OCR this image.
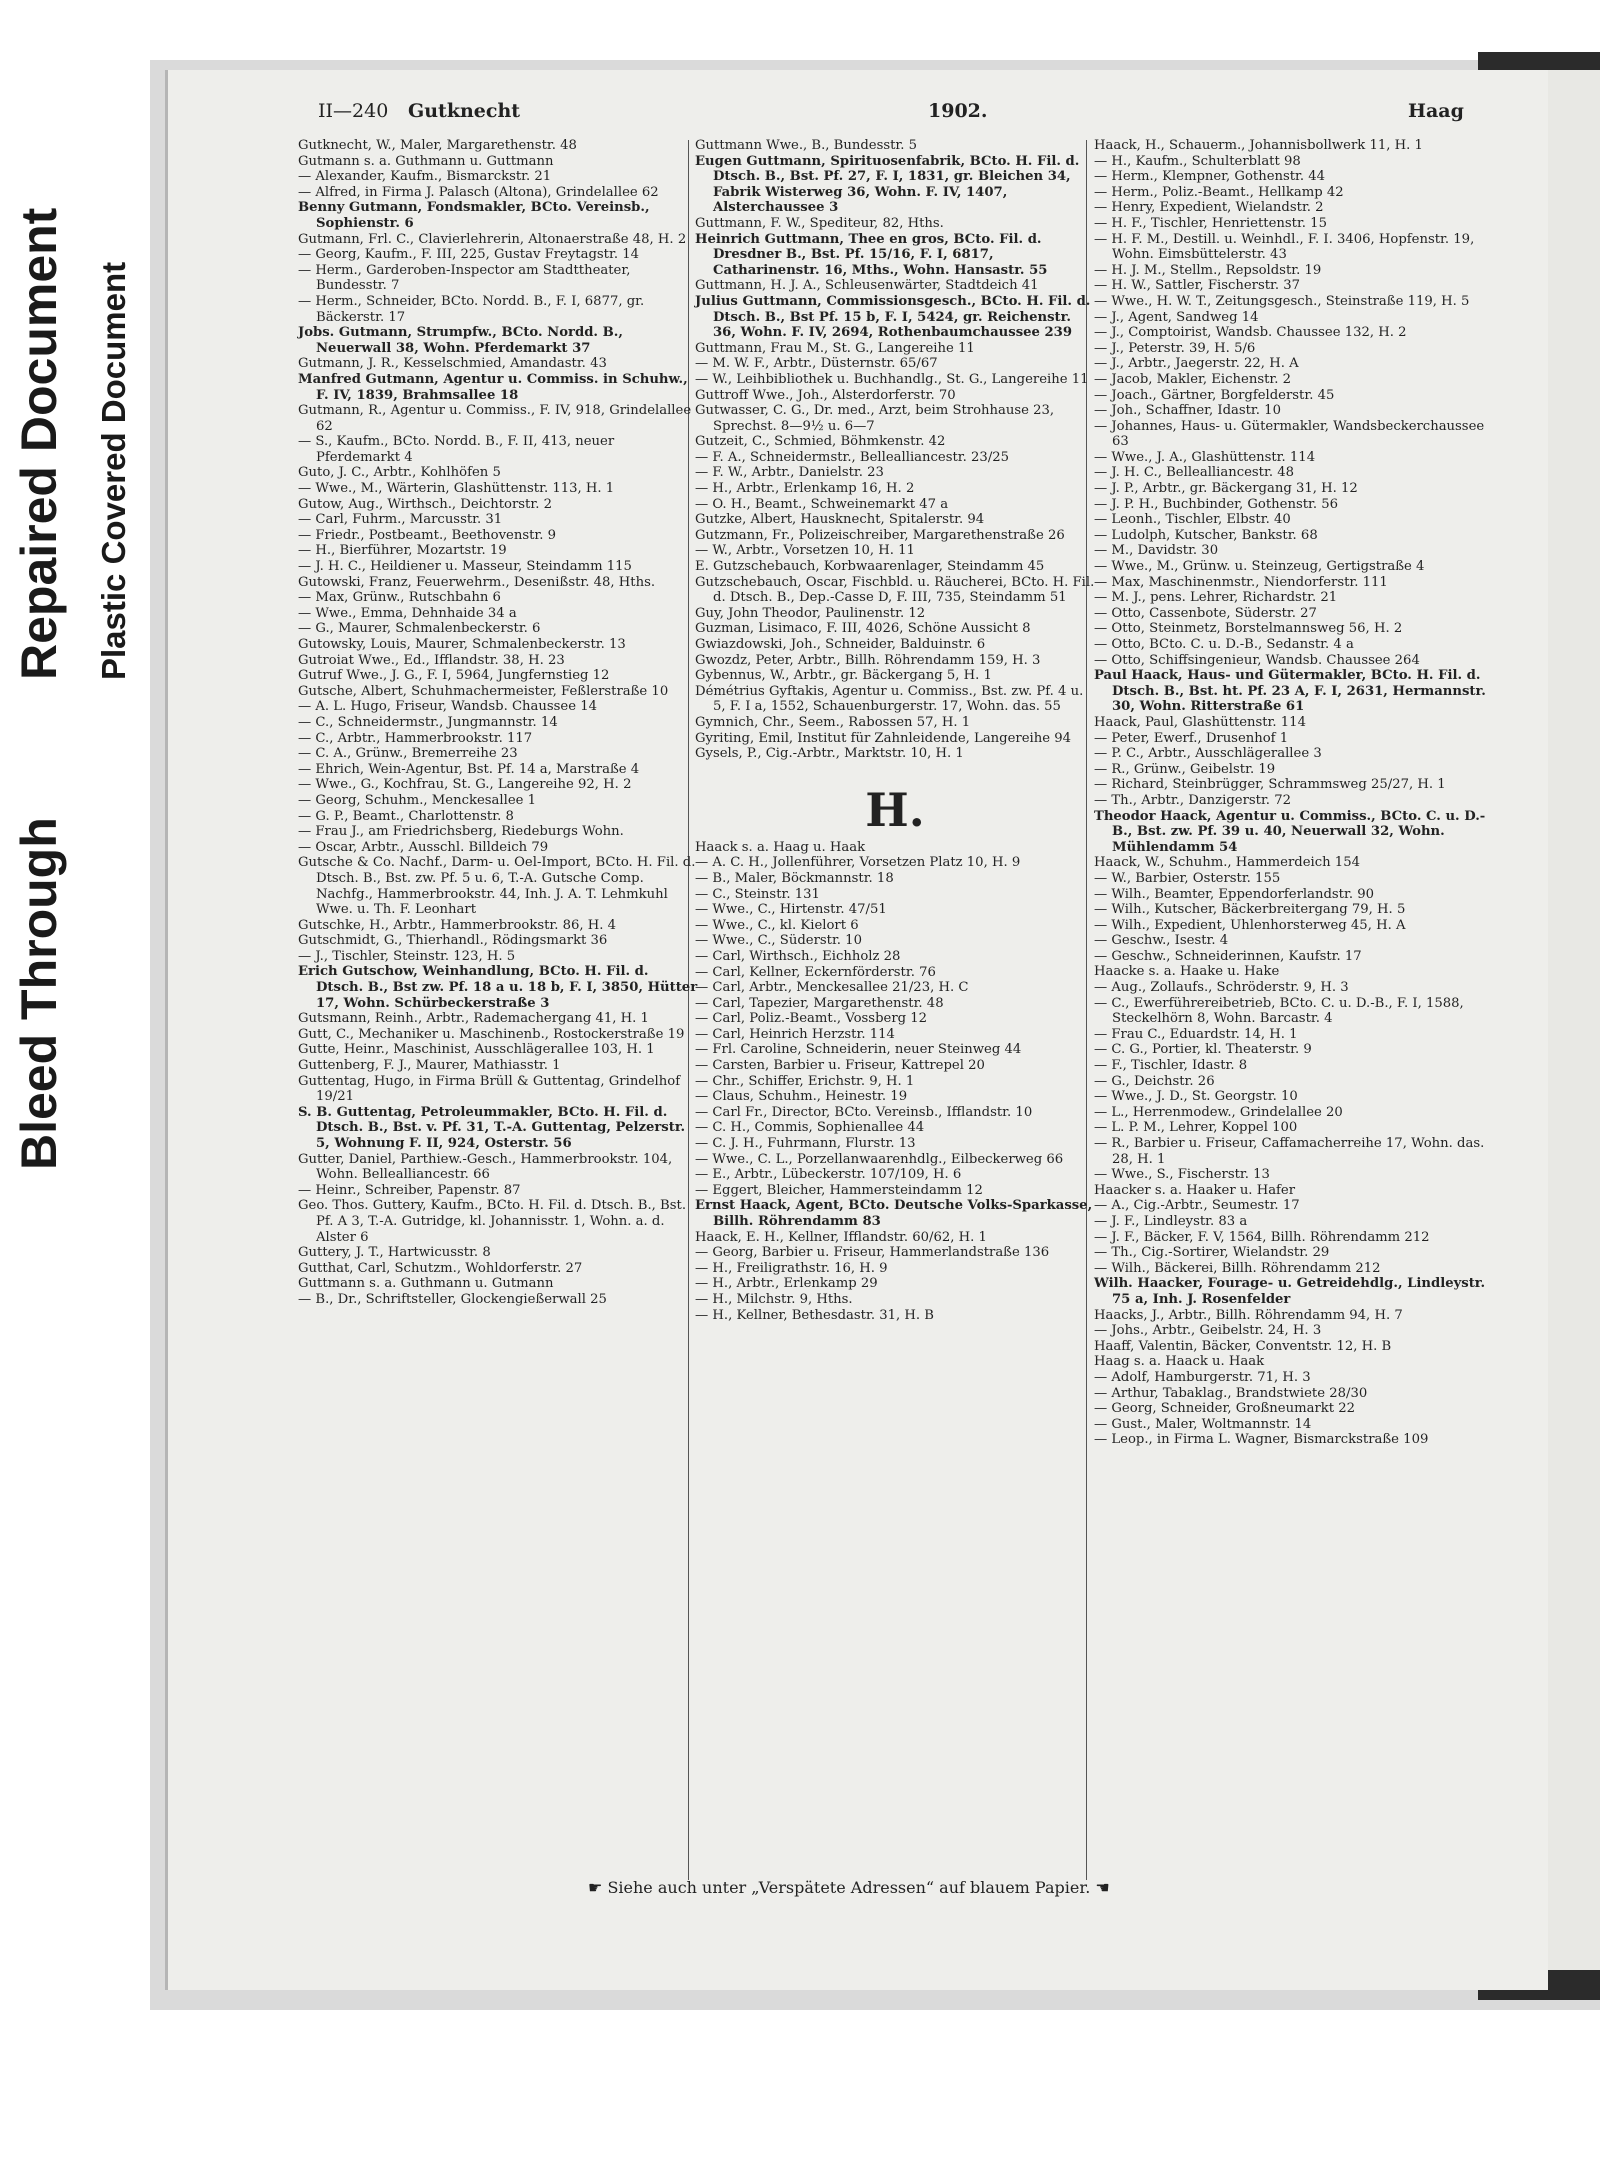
Bleed Through
Plastic Covered Document
Repaired Document
II—240 Gutknecht	1902.	Haag
Gutknecht, W., Maler, Margarethenstr. 48
Gutmann s. a. Guthmann u. Guttmann
— Alexander, Kaufm., Bismarckstr. 21
— Alfred, in Firma J. Palasch (Altona), Grindelallee 62
Benny Gutmann, Fondsmakler, BCto. Vereinsb., Sophienstr. 6
Gutmann, Frl. C., Clavierlehrerin, Altonaerstraße 48, H. 2
— Georg, Kaufm., F. III, 225, Gustav Freytagstr. 14
— Herm., Garderoben-Inspector am Stadttheater, Bundesstr. 7
— Herm., Schneider, BCto. Nordd. B., F. I, 6877, gr. Bäckerstr. 17
Jobs. Gutmann, Strumpfw., BCto. Nordd. B., Neuerwall 38, Wohn. Pferdemarkt 37
Gutmann, J. R., Kesselschmied, Amandastr. 43
Manfred Gutmann, Agentur u. Commiss. in Schuhw., F. IV, 1839, Brahmsallee 18
Gutmann, R., Agentur u. Commiss., F. IV, 918, Grindelallee 62
— S., Kaufm., BCto. Nordd. B., F. II, 413, neuer Pferdemarkt 4
Guto, J. C., Arbtr., Kohlhöfen 5
— Wwe., M., Wärterin, Glashüttenstr. 113, H. 1
Gutow, Aug., Wirthsch., Deichtorstr. 2
— Carl, Fuhrm., Marcusstr. 31
— Friedr., Postbeamt., Beethovenstr. 9
— H., Bierführer, Mozartstr. 19
— J. H. C., Heildiener u. Masseur, Steindamm 115
Gutowski, Franz, Feuerwehrm., Desenißstr. 48, Hths.
— Max, Grünw., Rutschbahn 6
— Wwe., Emma, Dehnhaide 34 a
— G., Maurer, Schmalenbeckerstr. 6
Gutowsky, Louis, Maurer, Schmalenbeckerstr. 13
Gutroiat Wwe., Ed., Ifflandstr. 38, H. 23
Gutruf Wwe., J. G., F. I, 5964, Jungfernstieg 12
Gutsche, Albert, Schuhmachermeister, Feßlerstraße 10
— A. L. Hugo, Friseur, Wandsb. Chaussee 14
— C., Schneidermstr., Jungmannstr. 14
— C., Arbtr., Hammerbrookstr. 117
— C. A., Grünw., Bremerreihe 23
— Ehrich, Wein-Agentur, Bst. Pf. 14 a, Marstraße 4
— Wwe., G., Kochfrau, St. G., Langereihe 92, H. 2
— Georg, Schuhm., Menckesallee 1
— G. P., Beamt., Charlottenstr. 8
— Frau J., am Friedrichsberg, Riedeburgs Wohn.
— Oscar, Arbtr., Ausschl. Billdeich 79
Gutsche & Co. Nachf., Darm- u. Oel-Import, BCto. H. Fil. d. Dtsch. B., Bst. zw. Pf. 5 u. 6, T.-A. Gutsche Comp. Nachfg., Hammerbrookstr. 44, Inh. J. A. T. Lehmkuhl Wwe. u. Th. F. Leonhart
Gutschke, H., Arbtr., Hammerbrookstr. 86, H. 4
Gutschmidt, G., Thierhandl., Rödingsmarkt 36
— J., Tischler, Steinstr. 123, H. 5
Erich Gutschow, Weinhandlung, BCto. H. Fil. d. Dtsch. B., Bst zw. Pf. 18 a u. 18 b, F. I, 3850, Hütter 17, Wohn. Schürbeckerstraße 3
Gutsmann, Reinh., Arbtr., Rademachergang 41, H. 1
Gutt, C., Mechaniker u. Maschinenb., Rostockerstraße 19
Gutte, Heinr., Maschinist, Ausschlägerallee 103, H. 1
Guttenberg, F. J., Maurer, Mathiasstr. 1
Guttentag, Hugo, in Firma Brüll & Guttentag, Grindelhof 19/21
S. B. Guttentag, Petroleummakler, BCto. H. Fil. d. Dtsch. B., Bst. v. Pf. 31, T.-A. Guttentag, Pelzerstr. 5, Wohnung F. II, 924, Osterstr. 56
Gutter, Daniel, Parthiew.-Gesch., Hammerbrookstr. 104, Wohn. Bellealliancestr. 66
— Heinr., Schreiber, Papenstr. 87
Geo. Thos. Guttery, Kaufm., BCto. H. Fil. d. Dtsch. B., Bst. Pf. A 3, T.-A. Gutridge, kl. Johannisstr. 1, Wohn. a. d. Alster 6
Guttery, J. T., Hartwicusstr. 8
Gutthat, Carl, Schutzm., Wohldorferstr. 27
Guttmann s. a. Guthmann u. Gutmann
— B., Dr., Schriftsteller, Glockengießerwall 25
Guttmann Wwe., B., Bundesstr. 5
Eugen Guttmann, Spirituosenfabrik, BCto. H. Fil. d. Dtsch. B., Bst. Pf. 27, F. I, 1831, gr. Bleichen 34, Fabrik Wisterweg 36, Wohn. F. IV, 1407, Alsterchaussee 3
Guttmann, F. W., Spediteur, 82, Hths.
Heinrich Guttmann, Thee en gros, BCto. Fil. d. Dresdner B., Bst. Pf. 15/16, F. I, 6817, Catharinenstr. 16, Mths., Wohn. Hansastr. 55
Guttmann, H. J. A., Schleusenwärter, Stadtdeich 41
Julius Guttmann, Commissionsgesch., BCto. H. Fil. d. Dtsch. B., Bst Pf. 15 b, F. I, 5424, gr. Reichenstr. 36, Wohn. F. IV, 2694, Rothenbaumchaussee 239
Guttmann, Frau M., St. G., Langereihe 11
— M. W. F., Arbtr., Düsternstr. 65/67
— W., Leihbibliothek u. Buchhandlg., St. G., Langereihe 11
Guttroff Wwe., Joh., Alsterdorferstr. 70
Gutwasser, C. G., Dr. med., Arzt, beim Strohhause 23, Sprechst. 8—9½ u. 6—7
Gutzeit, C., Schmied, Böhmkenstr. 42
— F. A., Schneidermstr., Bellealliancestr. 23/25
— F. W., Arbtr., Danielstr. 23
— H., Arbtr., Erlenkamp 16, H. 2
— O. H., Beamt., Schweinemarkt 47 a
Gutzke, Albert, Hausknecht, Spitalerstr. 94
Gutzmann, Fr., Polizeischreiber, Margarethenstraße 26
— W., Arbtr., Vorsetzen 10, H. 11
E. Gutzschebauch, Korbwaarenlager, Steindamm 45
Gutzschebauch, Oscar, Fischbld. u. Räucherei, BCto. H. Fil. d. Dtsch. B., Dep.-Casse D, F. III, 735, Steindamm 51
Guy, John Theodor, Paulinenstr. 12
Guzman, Lisimaco, F. III, 4026, Schöne Aussicht 8
Gwiazdowski, Joh., Schneider, Balduinstr. 6
Gwozdz, Peter, Arbtr., Billh. Röhrendamm 159, H. 3
Gybennus, W., Arbtr., gr. Bäckergang 5, H. 1
Démétrius Gyftakis, Agentur u. Commiss., Bst. zw. Pf. 4 u. 5, F. I a, 1552, Schauenburgerstr. 17, Wohn. das. 55
Gymnich, Chr., Seem., Rabossen 57, H. 1
Gyriting, Emil, Institut für Zahnleidende, Langereihe 94
Gysels, P., Cig.-Arbtr., Marktstr. 10, H. 1
H.
Haack s. a. Haag u. Haak
— A. C. H., Jollenführer, Vorsetzen Platz 10, H. 9
— B., Maler, Böckmannstr. 18
— C., Steinstr. 131
— Wwe., C., Hirtenstr. 47/51
— Wwe., C., kl. Kielort 6
— Wwe., C., Süderstr. 10
— Carl, Wirthsch., Eichholz 28
— Carl, Kellner, Eckernförderstr. 76
— Carl, Arbtr., Menckesallee 21/23, H. C
— Carl, Tapezier, Margarethenstr. 48
— Carl, Poliz.-Beamt., Vossberg 12
— Carl, Heinrich Herzstr. 114
— Frl. Caroline, Schneiderin, neuer Steinweg 44
— Carsten, Barbier u. Friseur, Kattrepel 20
— Chr., Schiffer, Erichstr. 9, H. 1
— Claus, Schuhm., Heinestr. 19
— Carl Fr., Director, BCto. Vereinsb., Ifflandstr. 10
— C. H., Commis, Sophienallee 44
— C. J. H., Fuhrmann, Flurstr. 13
— Wwe., C. L., Porzellanwaarenhdlg., Eilbeckerweg 66
— E., Arbtr., Lübeckerstr. 107/109, H. 6
— Eggert, Bleicher, Hammersteindamm 12
Ernst Haack, Agent, BCto. Deutsche Volks-Sparkasse, Billh. Röhrendamm 83
Haack, E. H., Kellner, Ifflandstr. 60/62, H. 1
— Georg, Barbier u. Friseur, Hammerlandstraße 136
— H., Freiligrathstr. 16, H. 9
— H., Arbtr., Erlenkamp 29
— H., Milchstr. 9, Hths.
— H., Kellner, Bethesdastr. 31, H. B
Haack, H., Schauerm., Johannisbollwerk 11, H. 1
— H., Kaufm., Schulterblatt 98
— Herm., Klempner, Gothenstr. 44
— Herm., Poliz.-Beamt., Hellkamp 42
— Henry, Expedient, Wielandstr. 2
— H. F., Tischler, Henriettenstr. 15
— H. F. M., Destill. u. Weinhdl., F. I. 3406, Hopfenstr. 19, Wohn. Eimsbüttelerstr. 43
— H. J. M., Stellm., Repsoldstr. 19
— H. W., Sattler, Fischerstr. 37
— Wwe., H. W. T., Zeitungsgesch., Steinstraße 119, H. 5
— J., Agent, Sandweg 14
— J., Comptoirist, Wandsb. Chaussee 132, H. 2
— J., Peterstr. 39, H. 5/6
— J., Arbtr., Jaegerstr. 22, H. A
— Jacob, Makler, Eichenstr. 2
— Joach., Gärtner, Borgfelderstr. 45
— Joh., Schaffner, Idastr. 10
— Johannes, Haus- u. Gütermakler, Wandsbeckerchaussee 63
— Wwe., J. A., Glashüttenstr. 114
— J. H. C., Bellealliancestr. 48
— J. P., Arbtr., gr. Bäckergang 31, H. 12
— J. P. H., Buchbinder, Gothenstr. 56
— Leonh., Tischler, Elbstr. 40
— Ludolph, Kutscher, Bankstr. 68
— M., Davidstr. 30
— Wwe., M., Grünw. u. Steinzeug, Gertigstraße 4
— Max, Maschinenmstr., Niendorferstr. 111
— M. J., pens. Lehrer, Richardstr. 21
— Otto, Cassenbote, Süderstr. 27
— Otto, Steinmetz, Borstelmannsweg 56, H. 2
— Otto, BCto. C. u. D.-B., Sedanstr. 4 a
— Otto, Schiffsingenieur, Wandsb. Chaussee 264
Paul Haack, Haus- und Gütermakler, BCto. H. Fil. d. Dtsch. B., Bst. ht. Pf. 23 A, F. I, 2631, Hermannstr. 30, Wohn. Ritterstraße 61
Haack, Paul, Glashüttenstr. 114
— Peter, Ewerf., Drusenhof 1
— P. C., Arbtr., Ausschlägerallee 3
— R., Grünw., Geibelstr. 19
— Richard, Steinbrügger, Schrammsweg 25/27, H. 1
— Th., Arbtr., Danzigerstr. 72
Theodor Haack, Agentur u. Commiss., BCto. C. u. D.-B., Bst. zw. Pf. 39 u. 40, Neuerwall 32, Wohn. Mühlendamm 54
Haack, W., Schuhm., Hammerdeich 154
— W., Barbier, Osterstr. 155
— Wilh., Beamter, Eppendorferlandstr. 90
— Wilh., Kutscher, Bäckerbreitergang 79, H. 5
— Wilh., Expedient, Uhlenhorsterweg 45, H. A
— Geschw., Isestr. 4
— Geschw., Schneiderinnen, Kaufstr. 17
Haacke s. a. Haake u. Hake
— Aug., Zollaufs., Schröderstr. 9, H. 3
— C., Ewerführereibetrieb, BCto. C. u. D.-B., F. I, 1588, Steckelhörn 8, Wohn. Barcastr. 4
— Frau C., Eduardstr. 14, H. 1
— C. G., Portier, kl. Theaterstr. 9
— F., Tischler, Idastr. 8
— G., Deichstr. 26
— Wwe., J. D., St. Georgstr. 10
— L., Herrenmodew., Grindelallee 20
— L. P. M., Lehrer, Koppel 100
— R., Barbier u. Friseur, Caffamacherreihe 17, Wohn. das. 28, H. 1
— Wwe., S., Fischerstr. 13
Haacker s. a. Haaker u. Hafer
— A., Cig.-Arbtr., Seumestr. 17
— J. F., Lindleystr. 83 a
— J. F., Bäcker, F. V, 1564, Billh. Röhrendamm 212
— Th., Cig.-Sortirer, Wielandstr. 29
— Wilh., Bäckerei, Billh. Röhrendamm 212
Wilh. Haacker, Fourage- u. Getreidehdlg., Lindleystr. 75 a, Inh. J. Rosenfelder
Haacks, J., Arbtr., Billh. Röhrendamm 94, H. 7
— Johs., Arbtr., Geibelstr. 24, H. 3
Haaff, Valentin, Bäcker, Conventstr. 12, H. B
Haag s. a. Haack u. Haak
— Adolf, Hamburgerstr. 71, H. 3
— Arthur, Tabaklag., Brandstwiete 28/30
— Georg, Schneider, Großneumarkt 22
— Gust., Maler, Woltmannstr. 14
— Leop., in Firma L. Wagner, Bismarckstraße 109
☛ Siehe auch unter „Verspätete Adressen“ auf blauem Papier. ☚
